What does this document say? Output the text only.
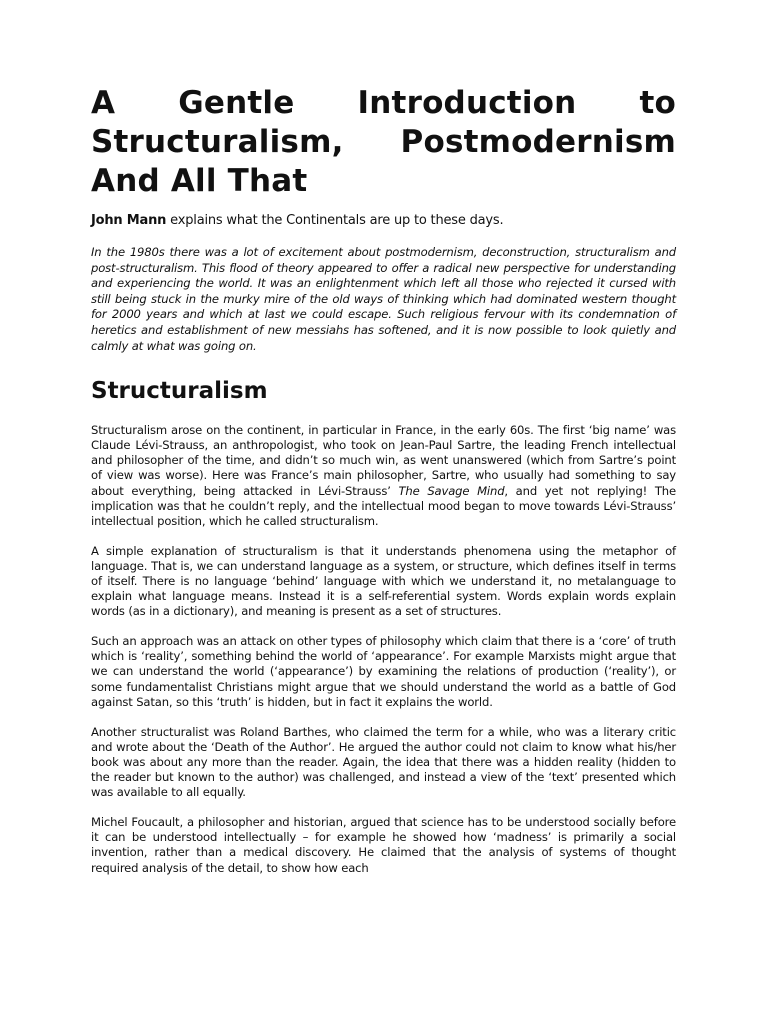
A Gentle Introduction to Structuralism, Postmodernism And All That

John Mann explains what the Continentals are up to these days.

In the 1980s there was a lot of excitement about postmodernism, deconstruction, structuralism and post-structuralism. This flood of theory appeared to offer a radical new perspective for understanding and experiencing the world. It was an enlightenment which left all those who rejected it cursed with still being stuck in the murky mire of the old ways of thinking which had dominated western thought for 2000 years and which at last we could escape. Such religious fervour with its condemnation of heretics and establishment of new messiahs has softened, and it is now possible to look quietly and calmly at what was going on.

Structuralism

Structuralism arose on the continent, in particular in France, in the early 60s. The first ‘big name’ was Claude Lévi-Strauss, an anthropologist, who took on Jean-Paul Sartre, the leading French intellectual and philosopher of the time, and didn’t so much win, as went unanswered (which from Sartre’s point of view was worse). Here was France’s main philosopher, Sartre, who usually had something to say about everything, being attacked in Lévi-Strauss’ The Savage Mind, and yet not replying! The implication was that he couldn’t reply, and the intellectual mood began to move towards Lévi-Strauss’ intellectual position, which he called structuralism.

A simple explanation of structuralism is that it understands phenomena using the metaphor of language. That is, we can understand language as a system, or structure, which defines itself in terms of itself. There is no language ‘behind’ language with which we understand it, no metalanguage to explain what language means. Instead it is a self-referential system. Words explain words explain words (as in a dictionary), and meaning is present as a set of structures.

Such an approach was an attack on other types of philosophy which claim that there is a ‘core’ of truth which is ‘reality’, something behind the world of ‘appearance’. For example Marxists might argue that we can understand the world (‘appearance’) by examining the relations of production (‘reality’), or some fundamentalist Christians might argue that we should understand the world as a battle of God against Satan, so this ‘truth’ is hidden, but in fact it explains the world.

Another structuralist was Roland Barthes, who claimed the term for a while, who was a literary critic and wrote about the ‘Death of the Author’. He argued the author could not claim to know what his/her book was about any more than the reader. Again, the idea that there was a hidden reality (hidden to the reader but known to the author) was challenged, and instead a view of the ‘text’ presented which was available to all equally.

Michel Foucault, a philosopher and historian, argued that science has to be understood socially before it can be understood intellectually – for example he showed how ‘madness’ is primarily a social invention, rather than a medical discovery. He claimed that the analysis of systems of thought required analysis of the detail, to show how each
